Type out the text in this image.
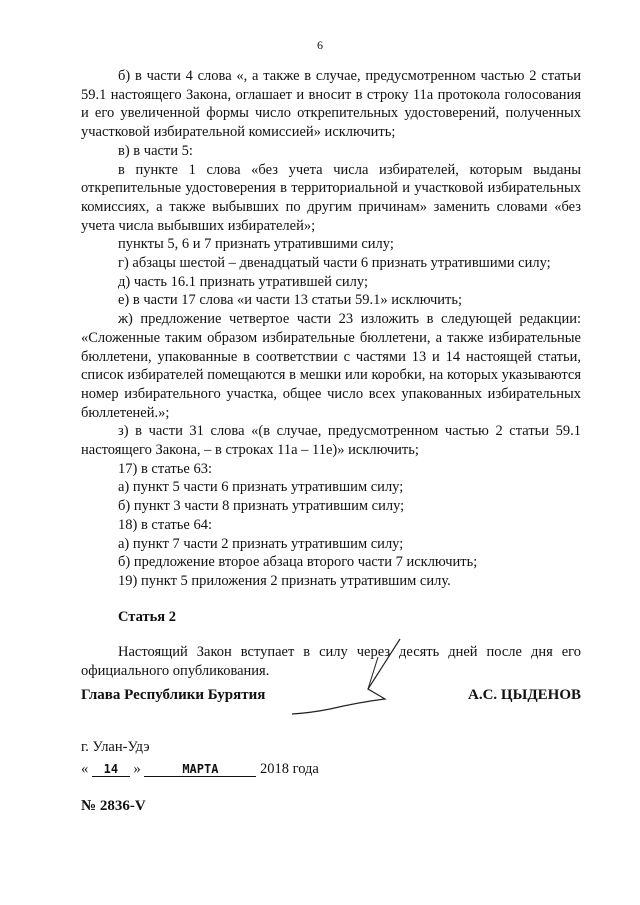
6

б) в части 4 слова «, а также в случае, предусмотренном частью 2 статьи 59.1 настоящего Закона, оглашает и вносит в строку 11а протокола голосования и его увеличенной формы число открепительных удостоверений, полученных участковой избирательной комиссией» исключить;

в) в части 5:

в пункте 1 слова «без учета числа избирателей, которым выданы открепительные удостоверения в территориальной и участковой избирательных комиссиях, а также выбывших по другим причинам» заменить словами «без учета числа выбывших избирателей»;

пункты 5, 6 и 7 признать утратившими силу;

г) абзацы шестой – двенадцатый части 6 признать утратившими силу;

д) часть 16.1 признать утратившей силу;

е) в части 17 слова «и части 13 статьи 59.1» исключить;

ж) предложение четвертое части 23 изложить в следующей редакции: «Сложенные таким образом избирательные бюллетени, а также избирательные бюллетени, упакованные в соответствии с частями 13 и 14 настоящей статьи, список избирателей помещаются в мешки или коробки, на которых указываются номер избирательного участка, общее число всех упакованных избирательных бюллетеней.»;

з) в части 31 слова «(в случае, предусмотренном частью 2 статьи 59.1 настоящего Закона, – в строках 11а – 11е)» исключить;

17) в статье 63:

а) пункт 5 части 6 признать утратившим силу;

б) пункт 3 части 8 признать утратившим силу;

18) в статье 64:

а) пункт 7 части 2 признать утратившим силу;

б) предложение второе абзаца второго части 7 исключить;

19) пункт 5 приложения 2 признать утратившим силу.

Статья 2

Настоящий Закон вступает в силу через десять дней после дня его официального опубликования.

Глава Республики Бурятия	А.С. ЦЫДЕНОВ
г. Улан-Удэ
« 14 »	МАРТА	2018 года
№ 2836-V
